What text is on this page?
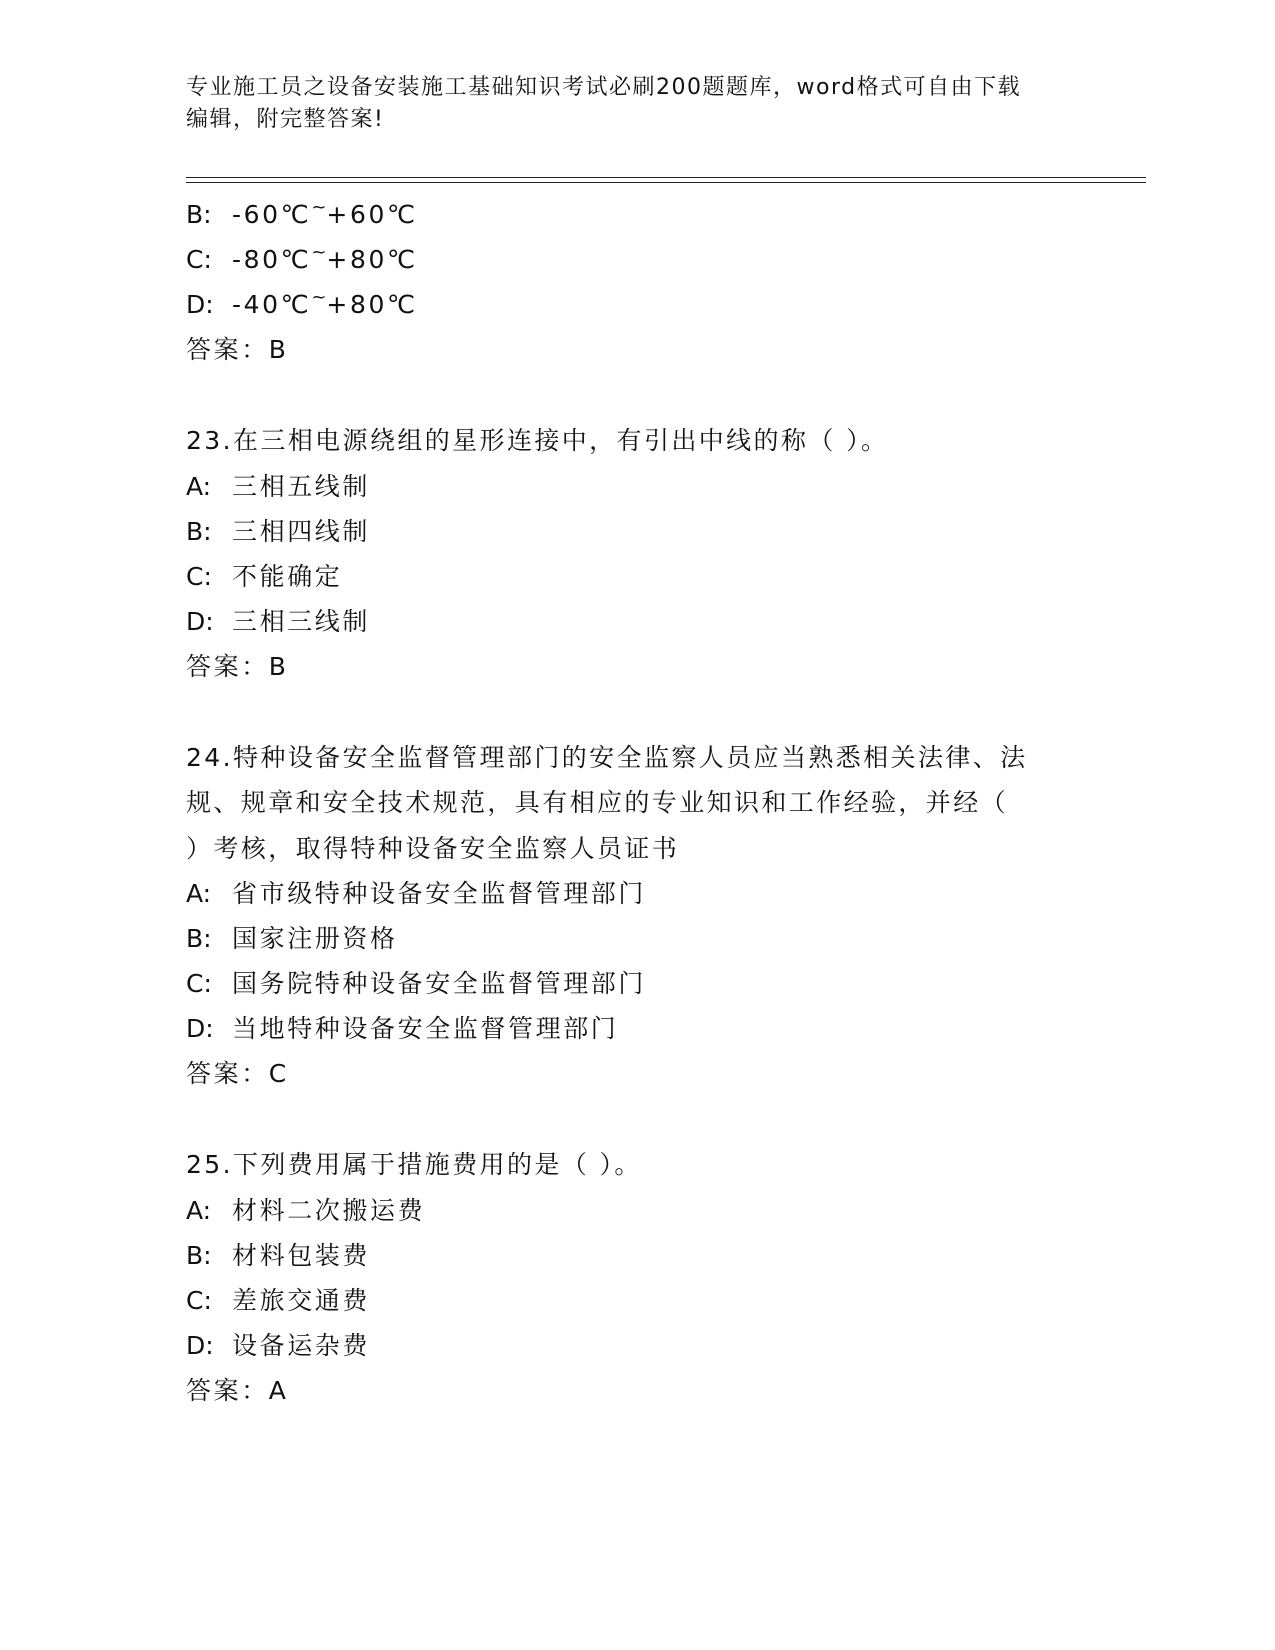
专业施工员之设备安装施工基础知识考试必刷200题题库，word格式可自由下载
编辑，附完整答案!
B: -60℃~+60℃
C: -80℃~+80℃
D: -40℃~+80℃
答案：B
23.在三相电源绕组的星形连接中，有引出中线的称（ ）。
A: 三相五线制
B: 三相四线制
C: 不能确定
D: 三相三线制
答案：B
24.特种设备安全监督管理部门的安全监察人员应当熟悉相关法律、法
规、规章和安全技术规范，具有相应的专业知识和工作经验，并经（
）考核，取得特种设备安全监察人员证书
A: 省市级特种设备安全监督管理部门
B: 国家注册资格
C: 国务院特种设备安全监督管理部门
D: 当地特种设备安全监督管理部门
答案：C
25.下列费用属于措施费用的是（ ）。
A: 材料二次搬运费
B: 材料包装费
C: 差旅交通费
D: 设备运杂费
答案：A
